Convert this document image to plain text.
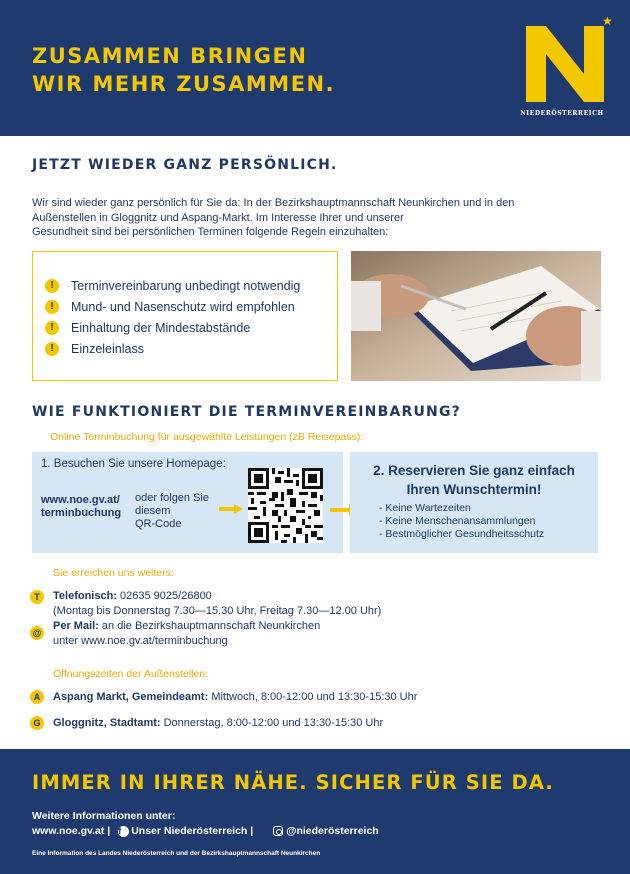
ZUSAMMEN BRINGEN
WIR MEHR ZUSAMMEN.
★
NIEDERÖSTERREICH
JETZT WIEDER GANZ PERSÖNLICH.
Wir sind wieder ganz persönlich für Sie da: In der Bezirkshauptmannschaft Neunkirchen und in den
Außenstellen in Gloggnitz und Aspang-Markt. Im Interesse Ihrer und unserer
Gesundheit sind bei persönlichen Terminen folgende Regeln einzuhalten:
!	Terminvereinbarung unbedingt notwendig
!	Mund- und Nasenschutz wird empfohlen
!	Einhaltung der Mindestabstände
!	Einzeleinlass
WIE FUNKTIONIERT DIE TERMINVEREINBARUNG?
Online Terminbuchung für ausgewählte Leistungen (zB Reisepass):
1. Besuchen Sie unsere Homepage:
www.noe.gv.at/
terminbuchung
oder folgen Sie
diesem
QR-Code
2. Reservieren Sie ganz einfach
Ihren Wunschtermin!
- Keine Wartezeiten
- Keine Menschenansammlungen
- Bestmöglicher Gesundheitsschutz
Sie erreichen uns weiters:
T	Telefonisch: 02635 9025/26800
(Montag bis Donnerstag 7.30—15.30 Uhr, Freitag 7.30—12.00 Uhr)
@
Per Mail: an die Bezirkshauptmannschaft Neunkirchen
unter www.noe.gv.at/terminbuchung
Öffnungszeiten der Außenstellen:
A	Aspang Markt, Gemeindeamt: Mittwoch, 8:00-12:00 und 13:30-15:30 Uhr
G	Gloggnitz, Stadtamt: Donnerstag, 8:00-12:00 und 13:30-15:30 Uhr
IMMER IN IHRER NÄHE. SICHER FÜR SIE DA.
Weitere Informationen unter:
www.noe.gv.at | f Unser Niederösterreich |	@niederösterreich
Eine Information des Landes Niederösterreich und der Bezirkshauptmannschaft Neunkirchen
